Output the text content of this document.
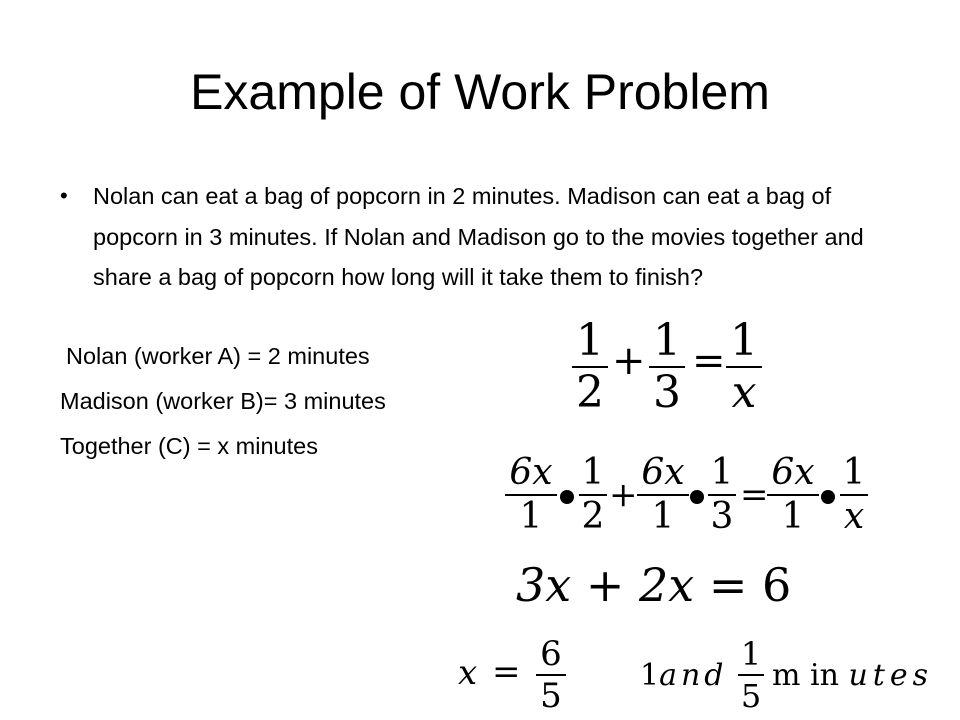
Example of Work Problem
• Nolan can eat a bag of popcorn in 2 minutes. Madison can eat a bag of popcorn in 3 minutes. If Nolan and Madison go to the movies together and share a bag of popcorn how long will it take them to finish?
Nolan (worker A) = 2 minutes
Madison (worker B)= 3 minutes
Together (C) = x minutes
1
2
+ 1
3
= 1
x
6x
1
1
2
+
6x
1
1
3
=
6x
1
1
x
3x + 2x = 6
x = 6
5
1and
1
5
m in utes
